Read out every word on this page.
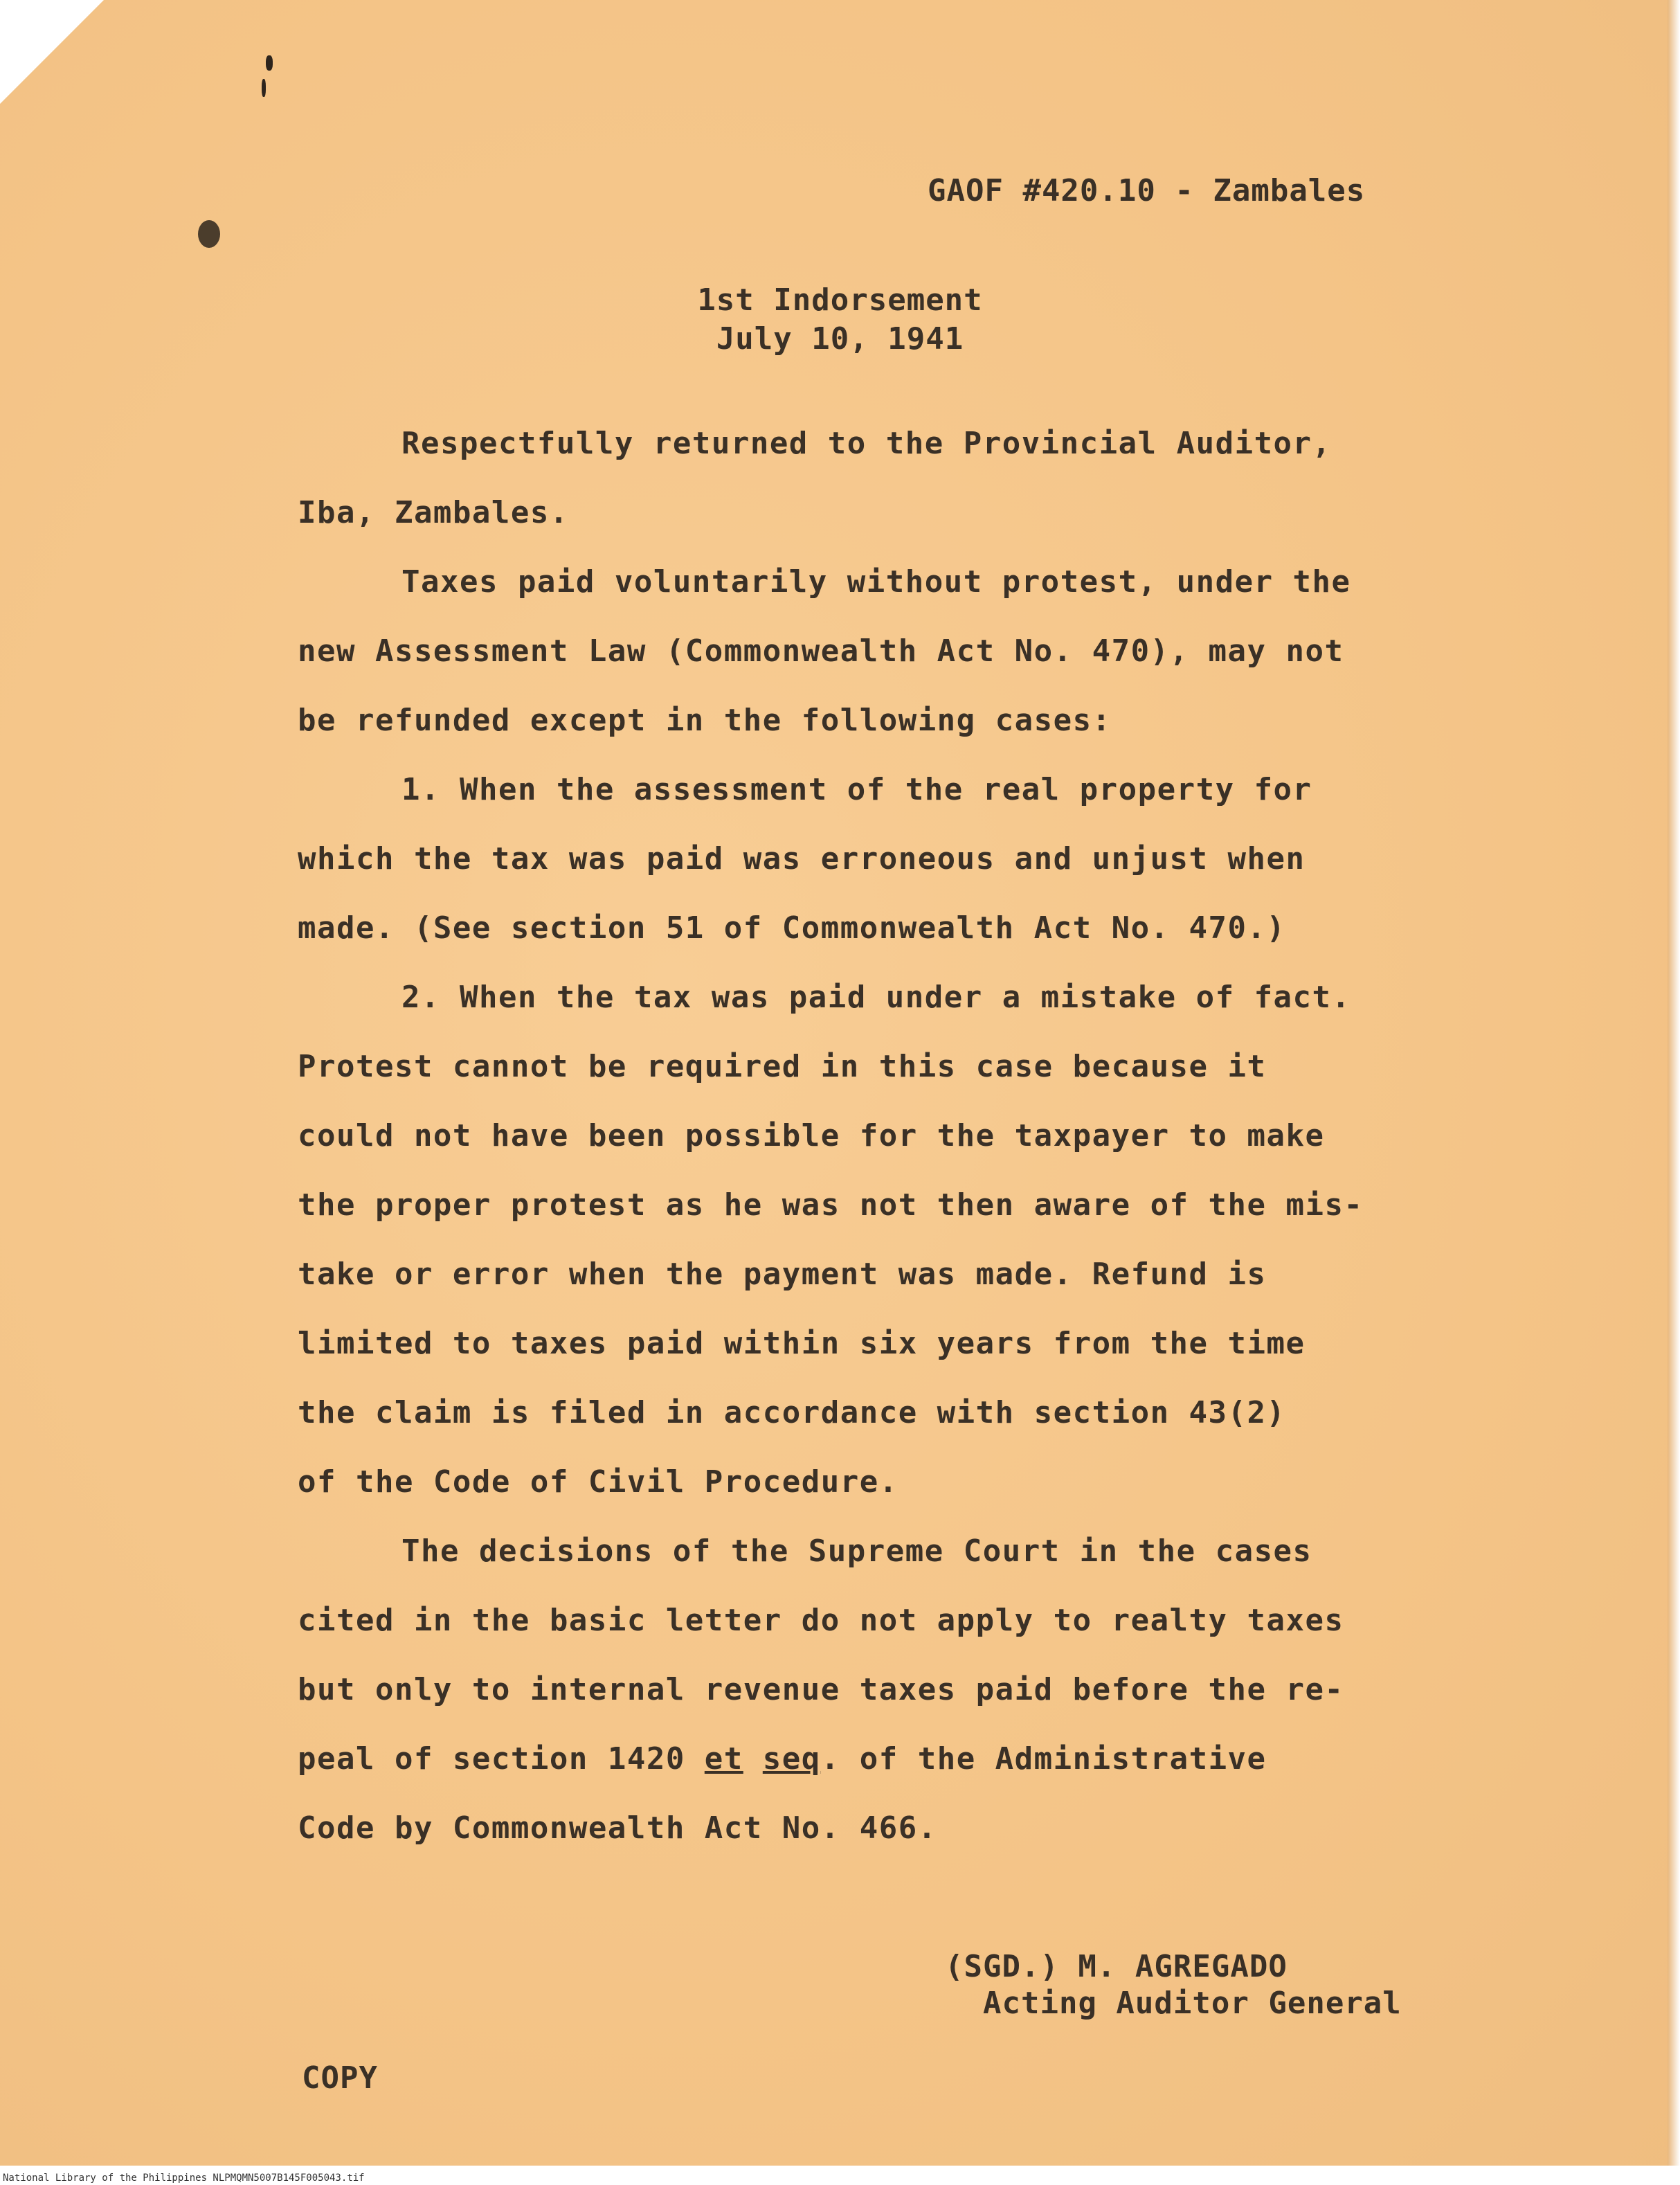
GAOF #420.10 - Zambales
1st Indorsement
July 10, 1941
Respectfully returned to the Provincial Auditor,
Iba, Zambales.
Taxes paid voluntarily without protest, under the
new Assessment Law (Commonwealth Act No. 470), may not
be refunded except in the following cases:
1. When the assessment of the real property for
which the tax was paid was erroneous and unjust when
made. (See section 51 of Commonwealth Act No. 470.)
2. When the tax was paid under a mistake of fact.
Protest cannot be required in this case because it
could not have been possible for the taxpayer to make
the proper protest as he was not then aware of the mis-
take or error when the payment was made. Refund is
limited to taxes paid within six years from the time
the claim is filed in accordance with section 43(2)
of the Code of Civil Procedure.
The decisions of the Supreme Court in the cases
cited in the basic letter do not apply to realty taxes
but only to internal revenue taxes paid before the re-
peal of section 1420 et seq. of the Administrative
Code by Commonwealth Act No. 466.
(SGD.) M. AGREGADO
Acting Auditor General
COPY
National Library of the Philippines NLPMQMN5007B145F005043.tif
